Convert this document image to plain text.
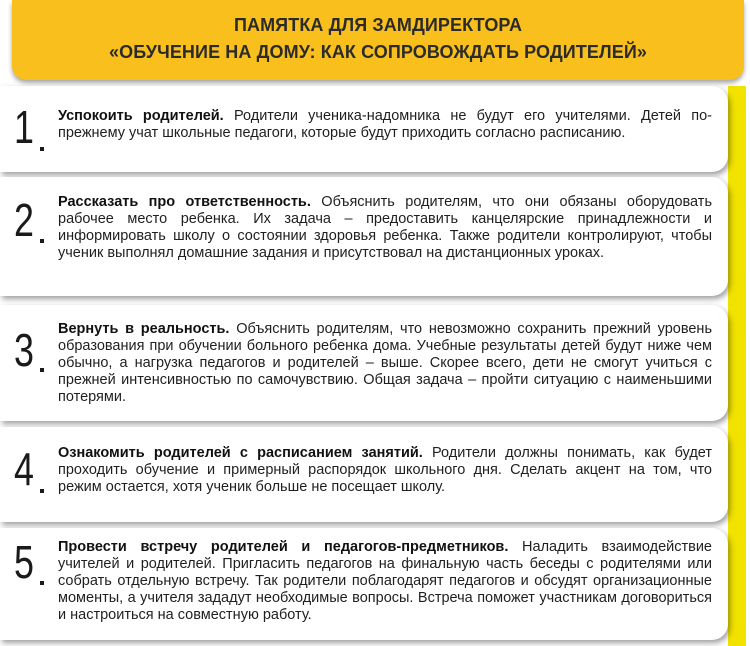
ПАМЯТКА ДЛЯ ЗАМДИРЕКТОРА
«ОБУЧЕНИЕ НА ДОМУ: КАК СОПРОВОЖДАТЬ РОДИТЕЛЕЙ»
1 Успокоить родителей. Родители ученика-надомника не будут его учителями. Детей по-прежнему учат школьные педагоги, которые будут приходить согласно расписанию.
2 Рассказать про ответственность. Объяснить родителям, что они обязаны оборудовать рабочее место ребенка. Их задача – предоставить канцелярские принадлежности и информировать школу о состоянии здоровья ребенка. Также родители контролируют, чтобы ученик выполнял домашние задания и присутствовал на дистанционных уроках.
3 Вернуть в реальность. Объяснить родителям, что невозможно сохранить прежний уровень образования при обучении больного ребенка дома. Учебные результаты детей будут ниже чем обычно, а нагрузка педагогов и родителей – выше. Скорее всего, дети не смогут учиться с прежней интенсивностью по самочувствию. Общая задача – пройти ситуацию с наименьшими потерями.
4 Ознакомить родителей с расписанием занятий. Родители должны понимать, как будет проходить обучение и примерный распорядок школьного дня. Сделать акцент на том, что режим остается, хотя ученик больше не посещает школу.
5 Провести встречу родителей и педагогов-предметников. Наладить взаимодействие учителей и родителей. Пригласить педагогов на финальную часть беседы с родителями или собрать отдельную встречу. Так родители поблагодарят педагогов и обсудят организационные моменты, а учителя зададут необходимые вопросы. Встреча поможет участникам договориться и настроиться на совместную работу.
